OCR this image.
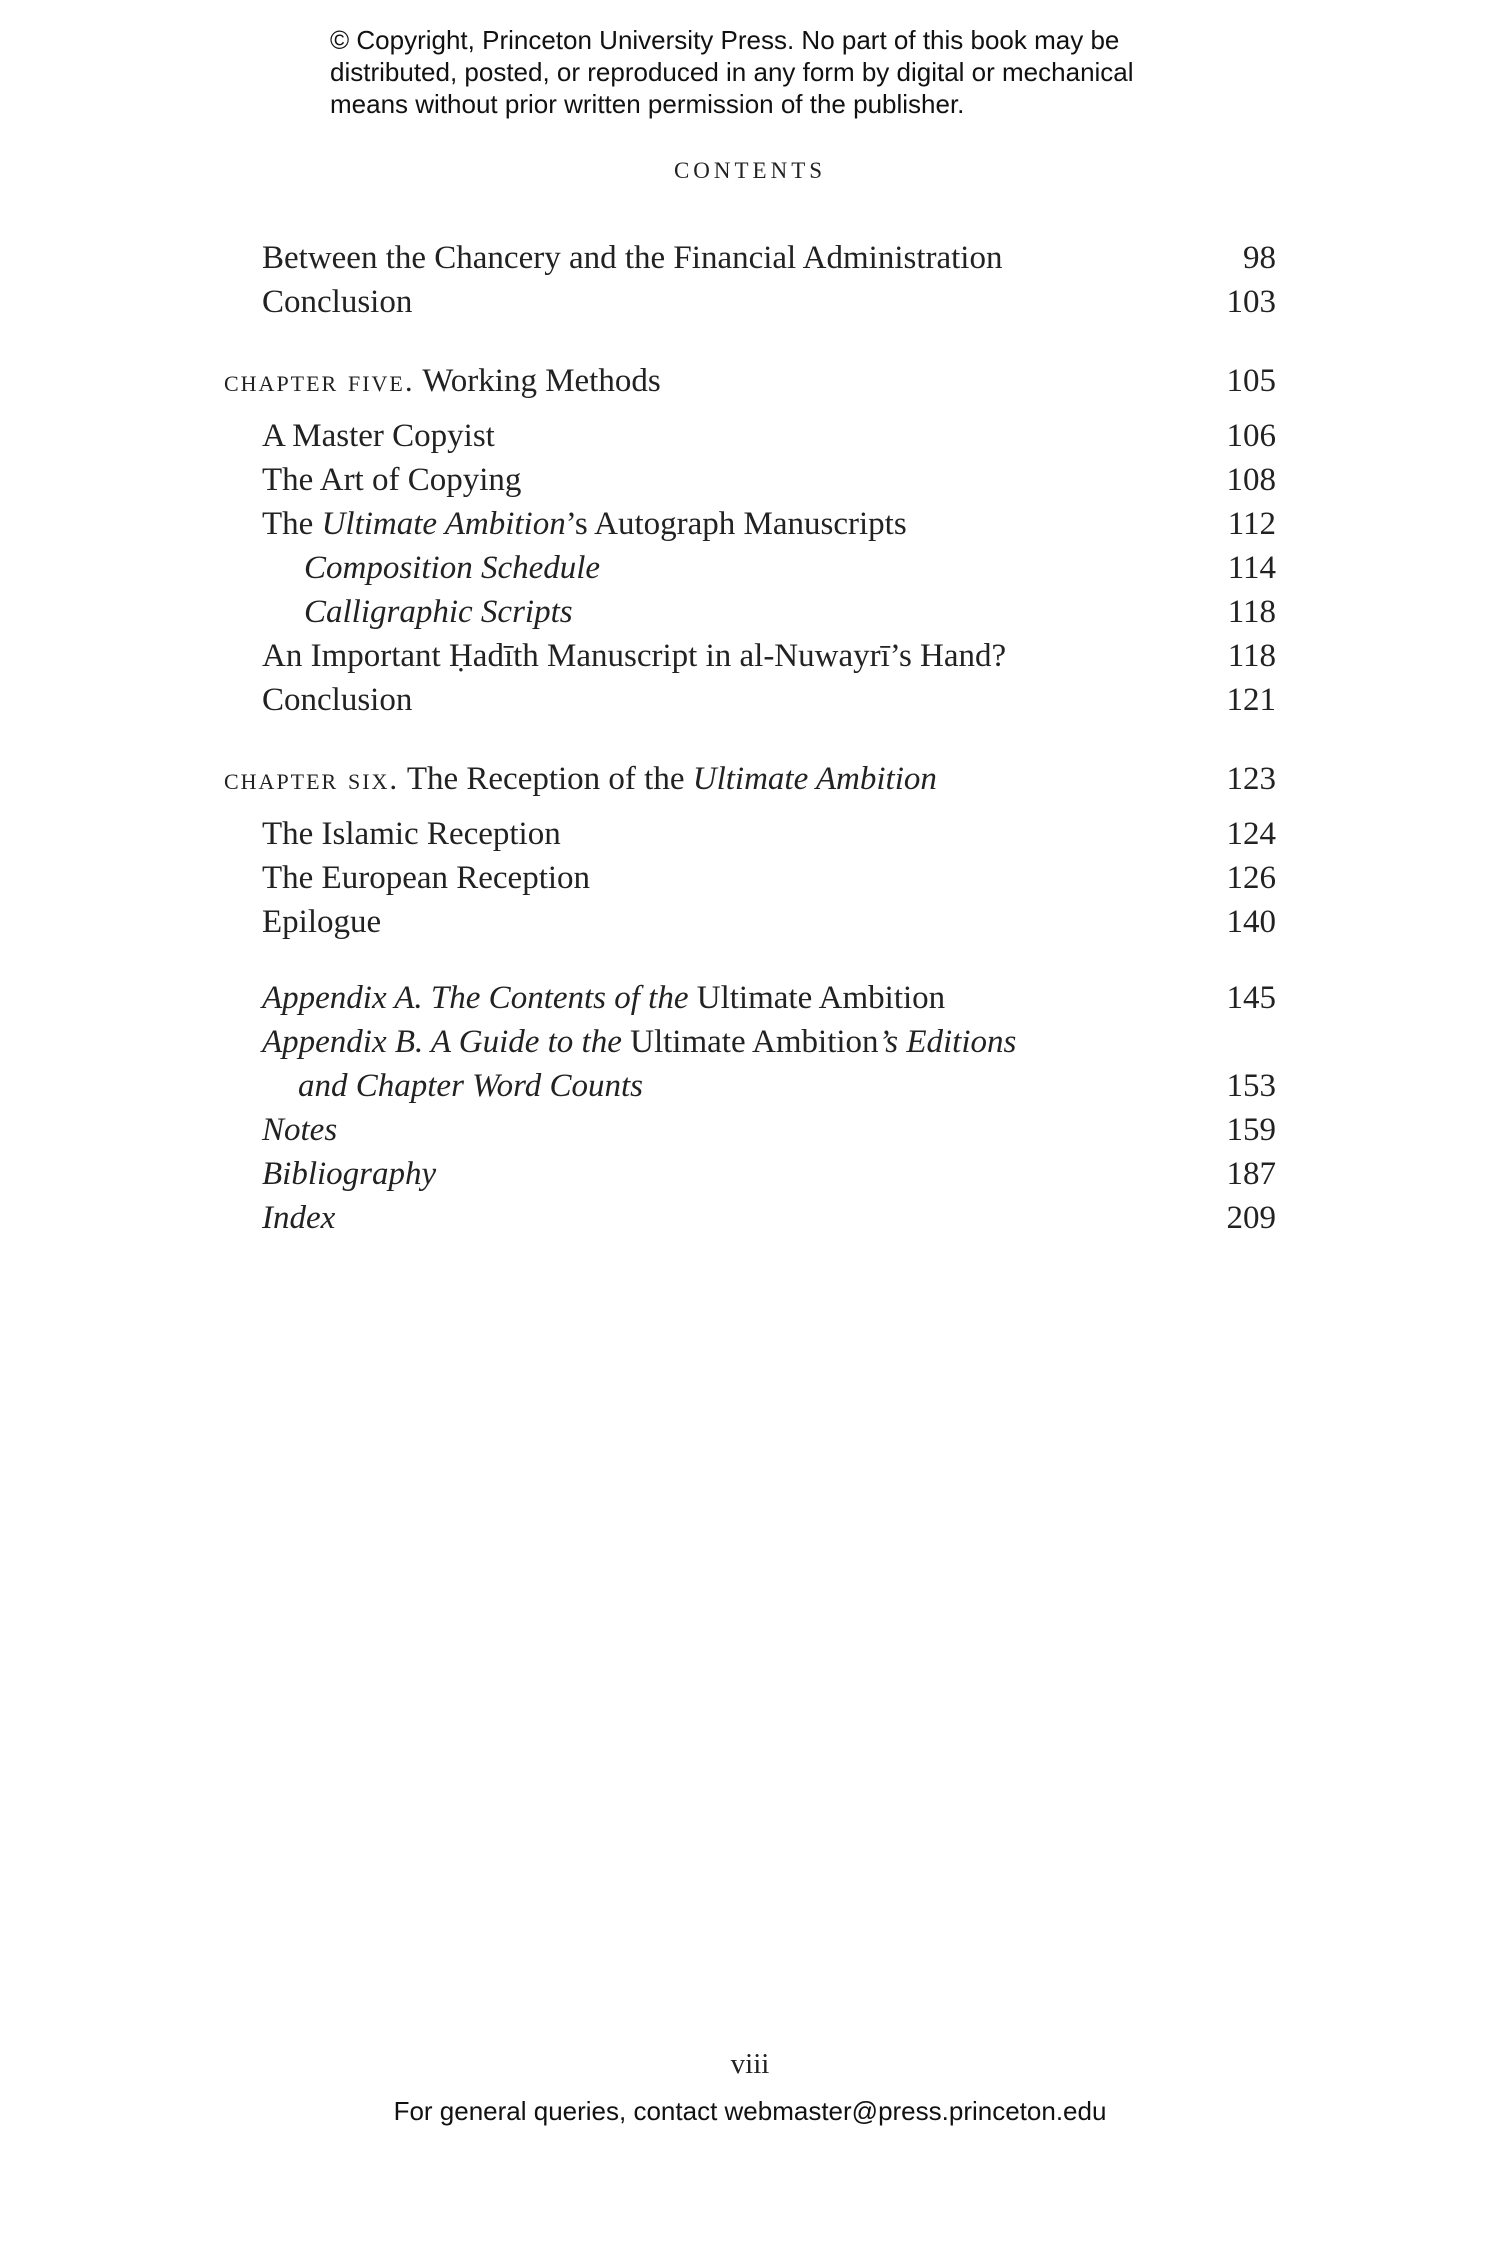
© Copyright, Princeton University Press. No part of this book may be
distributed, posted, or reproduced in any form by digital or mechanical
means without prior written permission of the publisher.
CONTENTS
Between the Chancery and the Financial Administration	98
Conclusion	103
chapter five. Working Methods	105
A Master Copyist	106
The Art of Copying	108
The Ultimate Ambition’s Autograph Manuscripts	112
Composition Schedule	114
Calligraphic Scripts	118
An Important Ḥadīth Manuscript in al-Nuwayrī’s Hand?	118
Conclusion	121
chapter six. The Reception of the Ultimate Ambition	123
The Islamic Reception	124
The European Reception	126
Epilogue	140
Appendix A. The Contents of the Ultimate Ambition	145
Appendix B. A Guide to the Ultimate Ambition’s Editions
and Chapter Word Counts	153
Notes	159
Bibliography	187
Index	209
viii
For general queries, contact webmaster@press.princeton.edu
